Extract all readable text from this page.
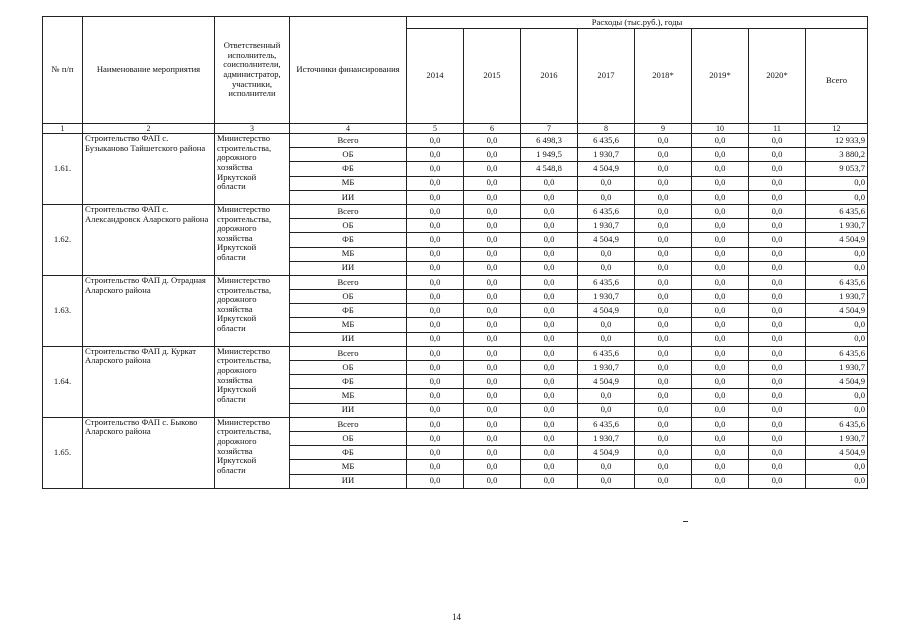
№ п/п	Наименование мероприятия	Ответственный исполнитель, соисполнители, администратор, участники, исполнители	Источники финансирования	Расходы (тыс.руб.), годы							
				2014	2015	2016	2017	2018*	2019*	2020*	Всего
1	2	3	4	5	6	7	8	9	10	11	12
1.61.	Строительство ФАП с. Бузыканово Тайшетского района	Министерство строительства, дорожного хозяйства Иркутской области	Всего	0,0	0,0	6 498,3	6 435,6	0,0	0,0	0,0	12 933,9
			ОБ	0,0	0,0	1 949,5	1 930,7	0,0	0,0	0,0	3 880,2
			ФБ	0,0	0,0	4 548,8	4 504,9	0,0	0,0	0,0	9 053,7
			МБ	0,0	0,0	0,0	0,0	0,0	0,0	0,0	0,0
			ИИ	0,0	0,0	0,0	0,0	0,0	0,0	0,0	0,0
1.62.	Строительство ФАП с. Александровск Аларского района	Министерство строительства, дорожного хозяйства Иркутской области	Всего	0,0	0,0	0,0	6 435,6	0,0	0,0	0,0	6 435,6
			ОБ	0,0	0,0	0,0	1 930,7	0,0	0,0	0,0	1 930,7
			ФБ	0,0	0,0	0,0	4 504,9	0,0	0,0	0,0	4 504,9
			МБ	0,0	0,0	0,0	0,0	0,0	0,0	0,0	0,0
			ИИ	0,0	0,0	0,0	0,0	0,0	0,0	0,0	0,0
1.63.	Строительство ФАП д. Отрадная Аларского района	Министерство строительства, дорожного хозяйства Иркутской области	Всего	0,0	0,0	0,0	6 435,6	0,0	0,0	0,0	6 435,6
			ОБ	0,0	0,0	0,0	1 930,7	0,0	0,0	0,0	1 930,7
			ФБ	0,0	0,0	0,0	4 504,9	0,0	0,0	0,0	4 504,9
			МБ	0,0	0,0	0,0	0,0	0,0	0,0	0,0	0,0
			ИИ	0,0	0,0	0,0	0,0	0,0	0,0	0,0	0,0
1.64.	Строительство ФАП д. Куркат Аларского района	Министерство строительства, дорожного хозяйства Иркутской области	Всего	0,0	0,0	0,0	6 435,6	0,0	0,0	0,0	6 435,6
			ОБ	0,0	0,0	0,0	1 930,7	0,0	0,0	0,0	1 930,7
			ФБ	0,0	0,0	0,0	4 504,9	0,0	0,0	0,0	4 504,9
			МБ	0,0	0,0	0,0	0,0	0,0	0,0	0,0	0,0
			ИИ	0,0	0,0	0,0	0,0	0,0	0,0	0,0	0,0
1.65.	Строительство ФАП с. Быково Аларского района	Министерство строительства, дорожного хозяйства Иркутской области	Всего	0,0	0,0	0,0	6 435,6	0,0	0,0	0,0	6 435,6
			ОБ	0,0	0,0	0,0	1 930,7	0,0	0,0	0,0	1 930,7
			ФБ	0,0	0,0	0,0	4 504,9	0,0	0,0	0,0	4 504,9
			МБ	0,0	0,0	0,0	0,0	0,0	0,0	0,0	0,0
			ИИ	0,0	0,0	0,0	0,0	0,0	0,0	0,0	0,0
14
